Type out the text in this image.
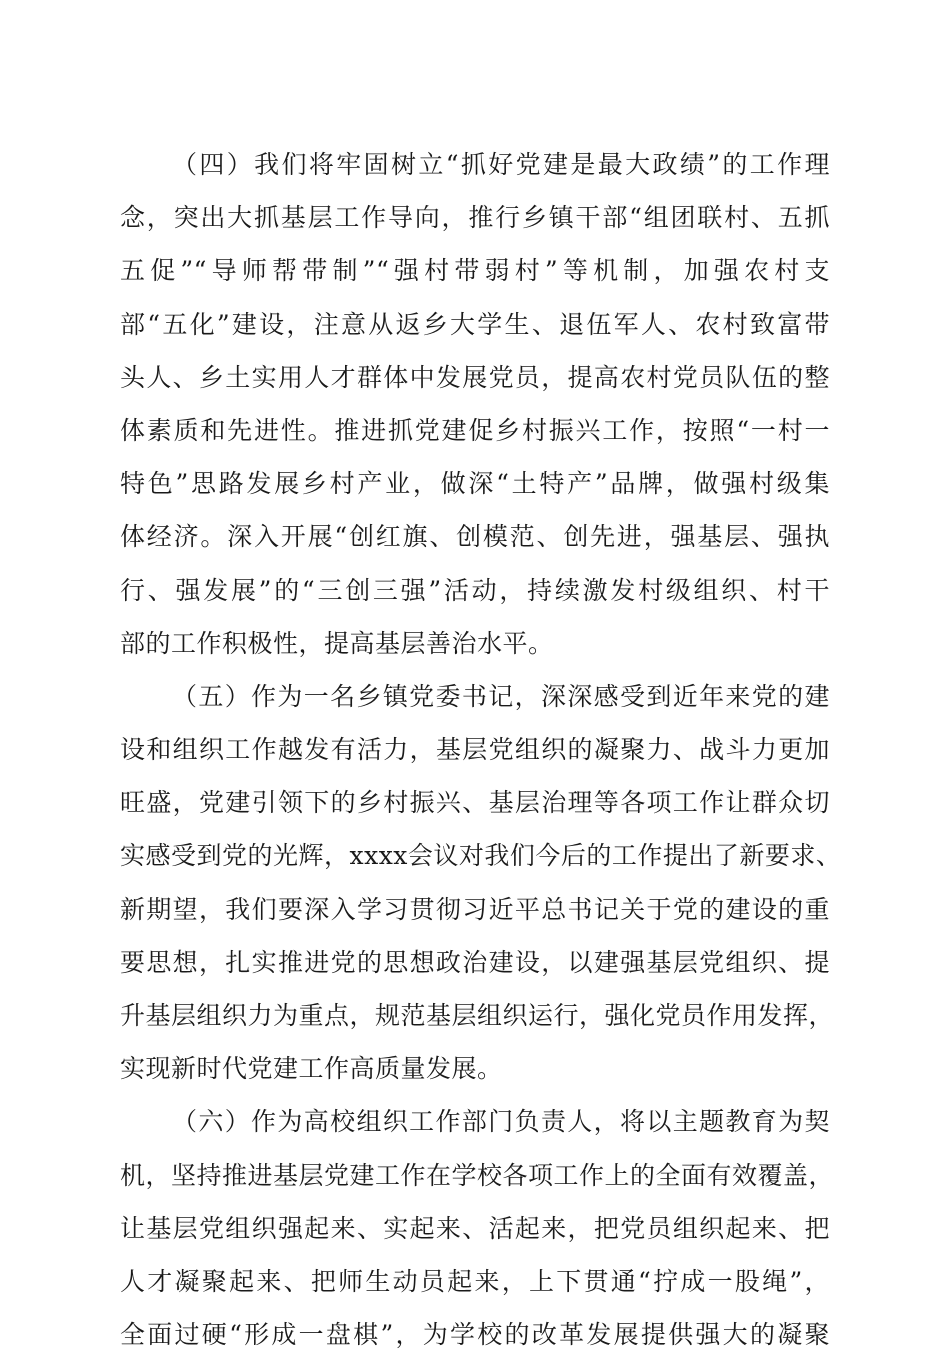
（四）我们将牢固树立“抓好党建是最大政绩”的工作理
念，突出大抓基层工作导向，推行乡镇干部“组团联村、五抓
五促”“导师帮带制”“强村带弱村”等机制，加强农村支
部“五化”建设，注意从返乡大学生、退伍军人、农村致富带
头人、乡土实用人才群体中发展党员，提高农村党员队伍的整
体素质和先进性。推进抓党建促乡村振兴工作，按照“一村一
特色”思路发展乡村产业，做深“土特产”品牌，做强村级集
体经济。深入开展“创红旗、创模范、创先进，强基层、强执
行、强发展”的“三创三强”活动，持续激发村级组织、村干
部的工作积极性，提高基层善治水平。
（五）作为一名乡镇党委书记，深深感受到近年来党的建
设和组织工作越发有活力，基层党组织的凝聚力、战斗力更加
旺盛，党建引领下的乡村振兴、基层治理等各项工作让群众切
实感受到党的光辉，xxxx会议对我们今后的工作提出了新要求、
新期望，我们要深入学习贯彻习近平总书记关于党的建设的重
要思想，扎实推进党的思想政治建设，以建强基层党组织、提
升基层组织力为重点，规范基层组织运行，强化党员作用发挥，
实现新时代党建工作高质量发展。
（六）作为高校组织工作部门负责人，将以主题教育为契
机，坚持推进基层党建工作在学校各项工作上的全面有效覆盖，
让基层党组织强起来、实起来、活起来，把党员组织起来、把
人才凝聚起来、把师生动员起来，上下贯通“拧成一股绳”，
全面过硬“形成一盘棋”，为学校的改革发展提供强大的凝聚
